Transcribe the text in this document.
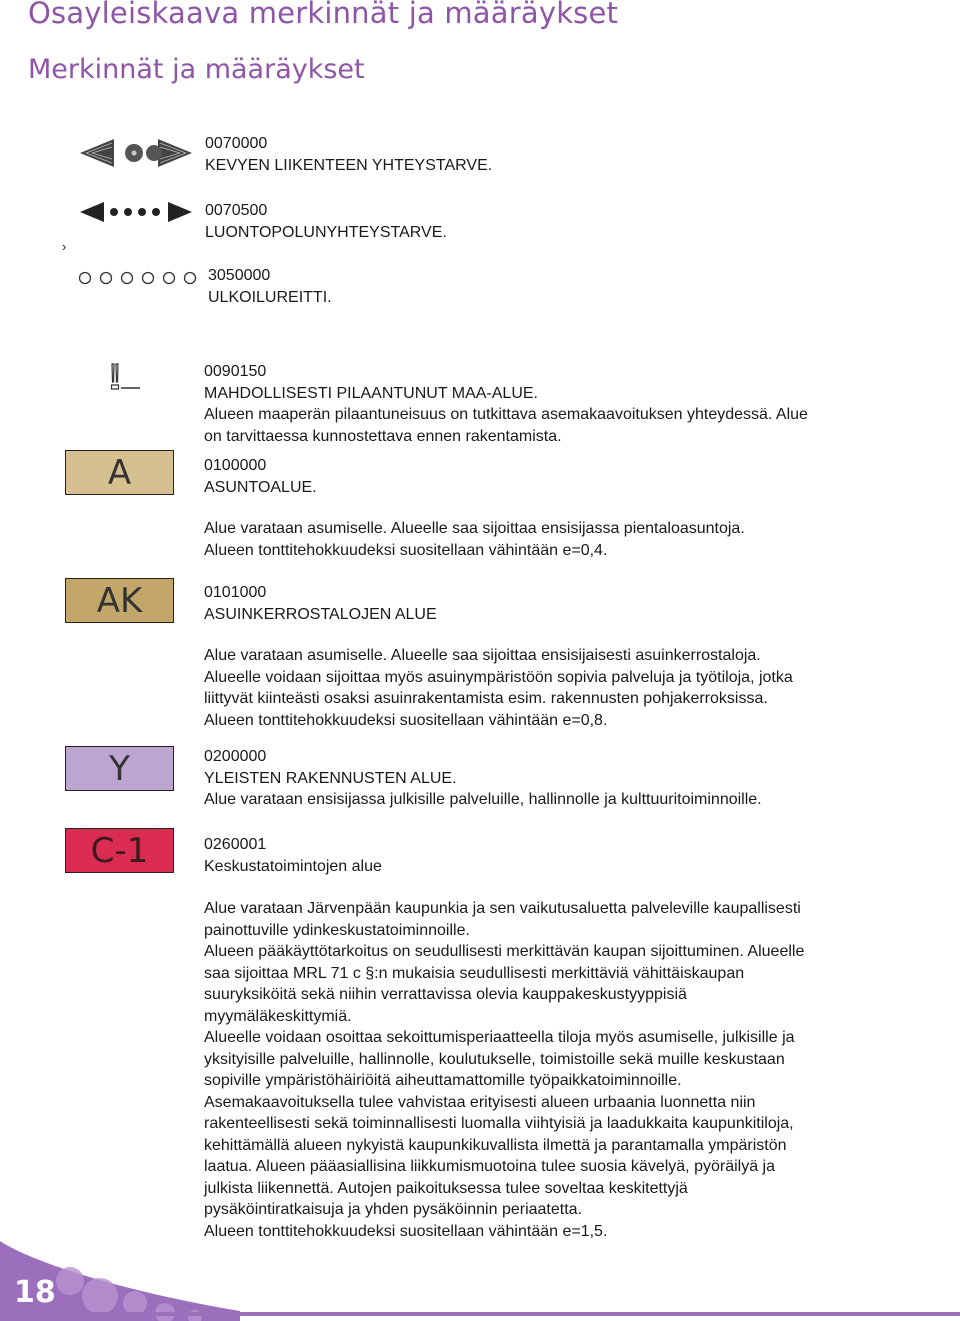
Osayleiskaava merkinnät ja määräykset
Merkinnät ja määräykset
0070000
KEVYEN LIIKENTEEN YHTEYSTARVE.
0070500
LUONTOPOLUNYHTEYSTARVE.
›
3050000
ULKOILUREITTI.
0090150
MAHDOLLISESTI PILAANTUNUT MAA-ALUE.
Alueen maaperän pilaantuneisuus on tutkittava asemakaavoituksen yhteydessä. Alue
on tarvittaessa kunnostettava ennen rakentamista.
A	0100000
ASUNTOALUE.
Alue varataan asumiselle. Alueelle saa sijoittaa ensisijassa pientaloasuntoja.
Alueen tonttitehokkuudeksi suositellaan vähintään e=0,4.
AK	0101000
ASUINKERROSTALOJEN ALUE
Alue varataan asumiselle. Alueelle saa sijoittaa ensisijaisesti asuinkerrostaloja.
Alueelle voidaan sijoittaa myös asuinympäristöön sopivia palveluja ja työtiloja, jotka
liittyvät kiinteästi osaksi asuinrakentamista esim. rakennusten pohjakerroksissa.
Alueen tonttitehokkuudeksi suositellaan vähintään e=0,8.
Y	0200000
YLEISTEN RAKENNUSTEN ALUE.
Alue varataan ensisijassa julkisille palveluille, hallinnolle ja kulttuuritoiminnoille.
C-1	0260001
Keskustatoimintojen alue
Alue varataan Järvenpään kaupunkia ja sen vaikutusaluetta palveleville kaupallisesti
painottuville ydinkeskustatoiminnoille.
Alueen pääkäyttötarkoitus on seudullisesti merkittävän kaupan sijoittuminen. Alueelle
saa sijoittaa MRL 71 c §:n mukaisia seudullisesti merkittäviä vähittäiskaupan
suuryksiköitä sekä niihin verrattavissa olevia kauppakeskustyyppisiä
myymäläkeskittymiä.
Alueelle voidaan osoittaa sekoittumisperiaatteella tiloja myös asumiselle, julkisille ja
yksityisille palveluille, hallinnolle, koulutukselle, toimistoille sekä muille keskustaan
sopiville ympäristöhäiriöitä aiheuttamattomille työpaikkatoiminnoille.
Asemakaavoituksella tulee vahvistaa erityisesti alueen urbaania luonnetta niin
rakenteellisesti sekä toiminnallisesti luomalla viihtyisiä ja laadukkaita kaupunkitiloja,
kehittämällä alueen nykyistä kaupunkikuvallista ilmettä ja parantamalla ympäristön
laatua. Alueen pääasiallisina liikkumismuotoina tulee suosia kävelyä, pyöräilyä ja
julkista liikennettä. Autojen paikoituksessa tulee soveltaa keskitettyjä
pysäköintiratkaisuja ja yhden pysäköinnin periaatetta.
Alueen tonttitehokkuudeksi suositellaan vähintään e=1,5.
18
